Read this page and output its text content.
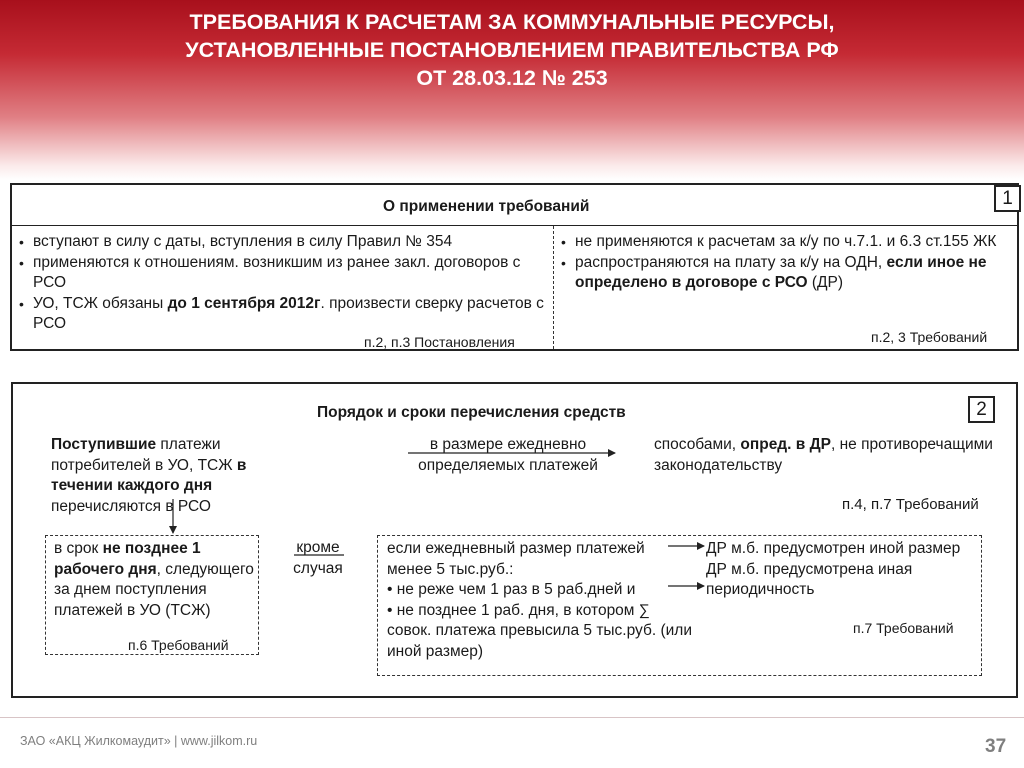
ТРЕБОВАНИЯ К РАСЧЕТАМ ЗА КОММУНАЛЬНЫЕ РЕСУРСЫ,
УСТАНОВЛЕННЫЕ ПОСТАНОВЛЕНИЕМ ПРАВИТЕЛЬСТВА РФ
ОТ 28.03.12 № 253
О применении требований
• вступают в силу с даты, вступления в силу Правил № 354
• применяются к отношениям. возникшим из ранее закл. договоров с РСО
• УО, ТСЖ обязаны до 1 сентября 2012г. произвести сверку расчетов с РСО
п.2, п.3 Постановления
• не применяются к расчетам за к/у по ч.7.1. и 6.3 ст.155 ЖК
• распространяются на плату за к/у на ОДН, если иное не определено в договоре с РСО (ДР)
п.2, 3 Требований
1
Порядок и сроки перечисления средств
Поступившие платежи потребителей в УО, ТСЖ в течении каждого дня перечисляются в РСО
в размере ежедневно
определяемых платежей
способами, опред. в ДР, не противоречащими законодательству
п.4, п.7 Требований
в срок не позднее 1 рабочего дня, следующего за днем поступления платежей в УО (ТСЖ)
п.6 Требований
кроме
случая
если ежедневный размер платежей менее 5 тыс.руб.:
• не реже чем 1 раз в 5 раб.дней и
• не позднее 1 раб. дня, в котором ∑ совок. платежа превысила 5 тыс.руб. (или иной размер)
ДР м.б. предусмотрен иной размер
ДР м.б. предусмотрена иная периодичность
п.7 Требований
2
ЗАО «АКЦ Жилкомаудит» | www.jilkom.ru	37
